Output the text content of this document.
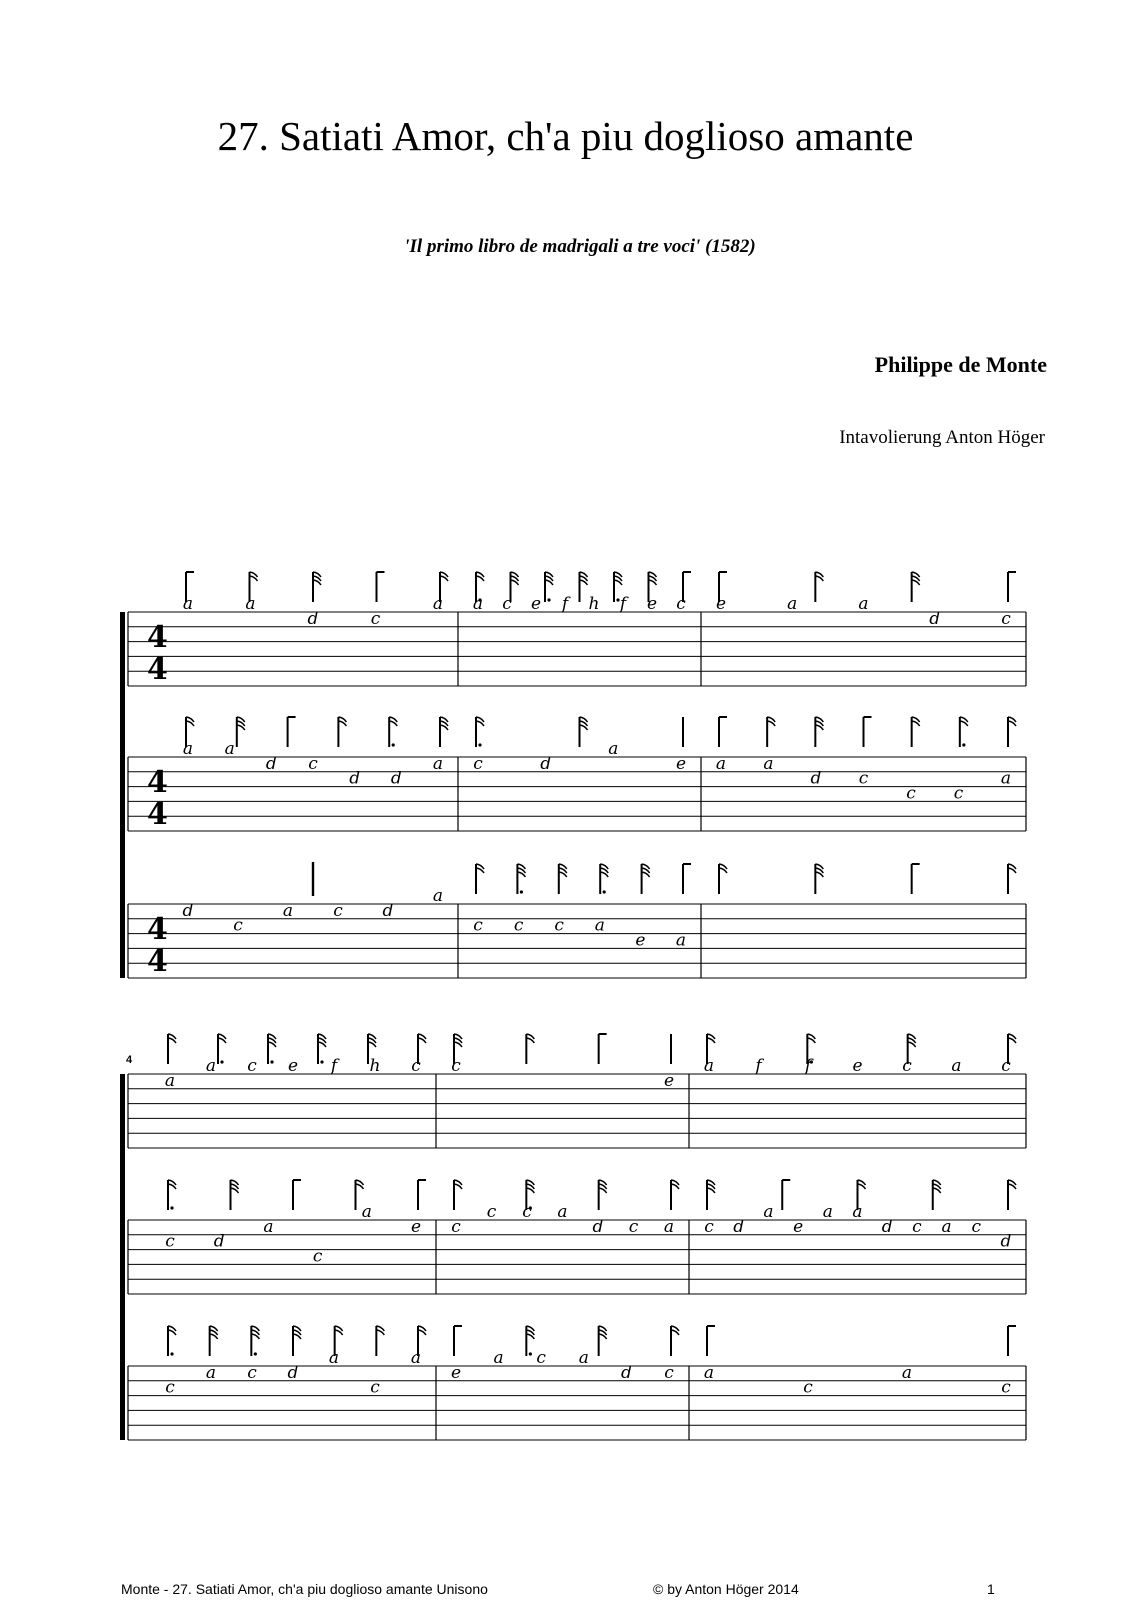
27. Satiati Amor, ch'a piu doglioso amante
'Il primo libro de madrigali a tre voci' (1582)
Philippe de Monte
Intavolierung Anton Höger
4
4
a	a
d	c
a a c e f h f e c e	a	a
d	c
4
4
a a
d c
d d
a c	d
a
e a a
d c
c c
a
4
4
d
c
a c d
a
c c c a
e a
4
a
a c e f h c c
e
a f	f e c a c
c d
a
c
a
e c
c c a
d c a c d
a
e
a a
d c a c
d
c
a c d
a
c
a
e
a c a
d c a
c
a
c
Monte - 27. Satiati Amor, ch'a piu doglioso amante Unisono	© by Anton Höger 2014	1
